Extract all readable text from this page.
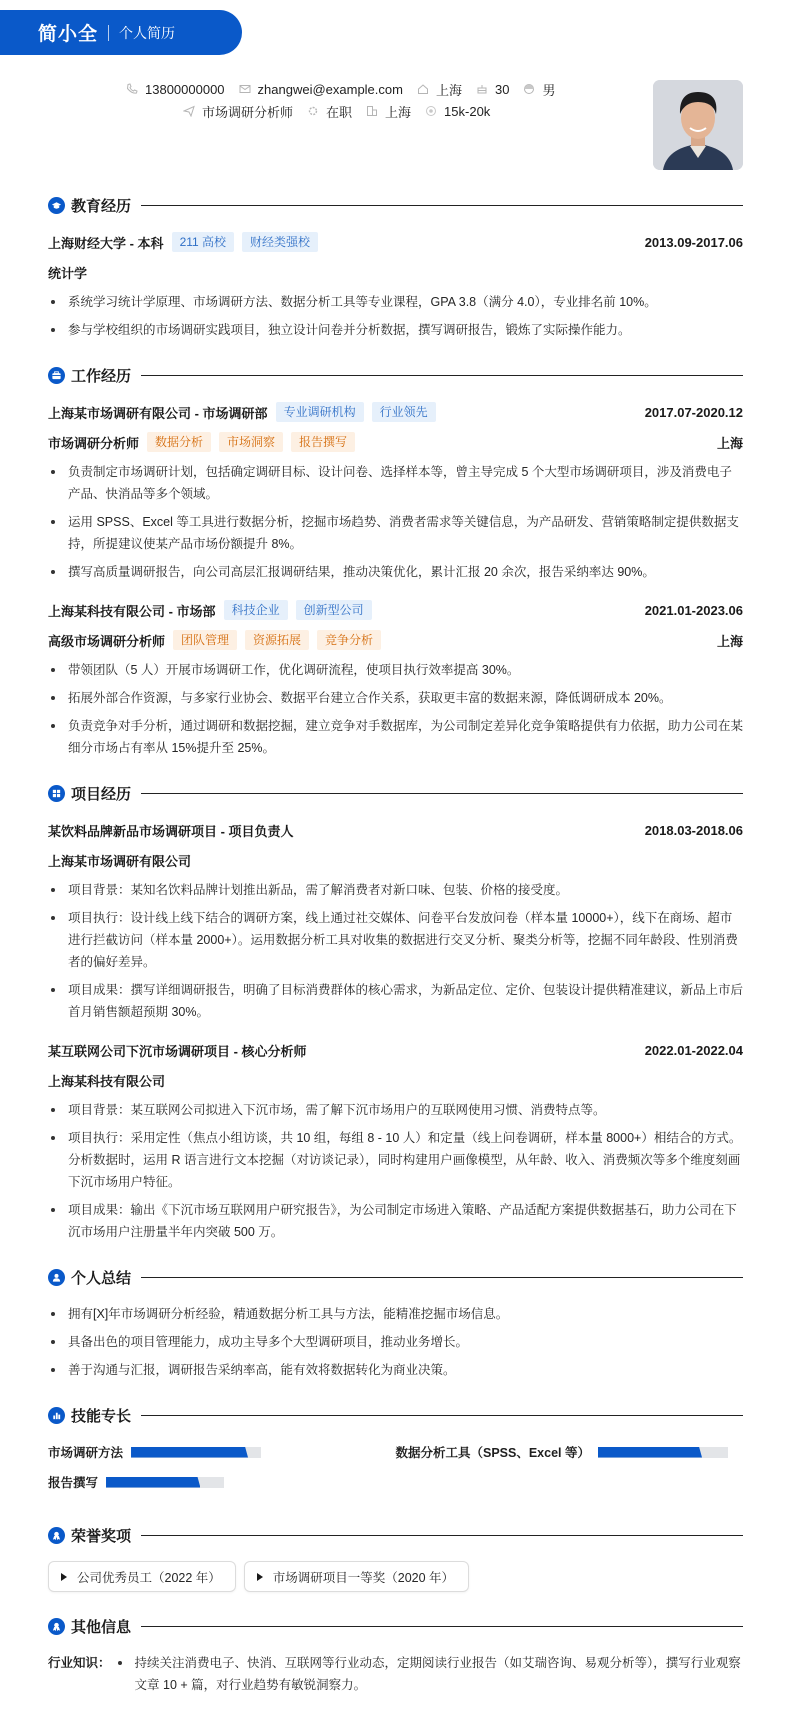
简小全 个人简历
13800000000	zhangwei@example.com	上海	30	男
市场调研分析师	在职	上海	15k-20k
教育经历
上海财经大学 - 本科	211 高校	财经类强校	2013.09-2017.06
统计学
系统学习统计学原理、市场调研方法、数据分析工具等专业课程，GPA 3.8（满分 4.0），专业排名前 10%。
参与学校组织的市场调研实践项目，独立设计问卷并分析数据，撰写调研报告，锻炼了实际操作能力。
工作经历
上海某市场调研有限公司 - 市场调研部	专业调研机构	行业领先	2017.07-2020.12
市场调研分析师	数据分析	市场洞察	报告撰写	上海
负责制定市场调研计划，包括确定调研目标、设计问卷、选择样本等，曾主导完成 5 个大型市场调研项目，涉及消费电子产品、快消品等多个领域。
运用 SPSS、Excel 等工具进行数据分析，挖掘市场趋势、消费者需求等关键信息，为产品研发、营销策略制定提供数据支持，所提建议使某产品市场份额提升 8%。
撰写高质量调研报告，向公司高层汇报调研结果，推动决策优化，累计汇报 20 余次，报告采纳率达 90%。
上海某科技有限公司 - 市场部	科技企业	创新型公司	2021.01-2023.06
高级市场调研分析师	团队管理	资源拓展	竞争分析	上海
带领团队（5 人）开展市场调研工作，优化调研流程，使项目执行效率提高 30%。
拓展外部合作资源，与多家行业协会、数据平台建立合作关系，获取更丰富的数据来源，降低调研成本 20%。
负责竞争对手分析，通过调研和数据挖掘，建立竞争对手数据库，为公司制定差异化竞争策略提供有力依据，助力公司在某细分市场占有率从 15%提升至 25%。
项目经历
某饮料品牌新品市场调研项目 - 项目负责人	2018.03-2018.06
上海某市场调研有限公司
项目背景：某知名饮料品牌计划推出新品，需了解消费者对新口味、包装、价格的接受度。
项目执行：设计线上线下结合的调研方案，线上通过社交媒体、问卷平台发放问卷（样本量 10000+），线下在商场、超市进行拦截访问（样本量 2000+）。运用数据分析工具对收集的数据进行交叉分析、聚类分析等，挖掘不同年龄段、性别消费者的偏好差异。
项目成果：撰写详细调研报告，明确了目标消费群体的核心需求，为新品定位、定价、包装设计提供精准建议，新品上市后首月销售额超预期 30%。
某互联网公司下沉市场调研项目 - 核心分析师	2022.01-2022.04
上海某科技有限公司
项目背景：某互联网公司拟进入下沉市场，需了解下沉市场用户的互联网使用习惯、消费特点等。
项目执行：采用定性（焦点小组访谈，共 10 组，每组 8 - 10 人）和定量（线上问卷调研，样本量 8000+）相结合的方式。分析数据时，运用 R 语言进行文本挖掘（对访谈记录），同时构建用户画像模型，从年龄、收入、消费频次等多个维度刻画下沉市场用户特征。
项目成果：输出《下沉市场互联网用户研究报告》，为公司制定市场进入策略、产品适配方案提供数据基石，助力公司在下沉市场用户注册量半年内突破 500 万。
个人总结
拥有[X]年市场调研分析经验，精通数据分析工具与方法，能精准挖掘市场信息。
具备出色的项目管理能力，成功主导多个大型调研项目，推动业务增长。
善于沟通与汇报，调研报告采纳率高，能有效将数据转化为商业决策。
技能专长
市场调研方法	数据分析工具（SPSS、Excel 等）
报告撰写
荣誉奖项
公司优秀员工（2022 年）	市场调研项目一等奖（2020 年）
其他信息
行业知识：	持续关注消费电子、快消、互联网等行业动态，定期阅读行业报告（如艾瑞咨询、易观分析等），撰写行业观察文章 10 + 篇，对行业趋势有敏锐洞察力。
